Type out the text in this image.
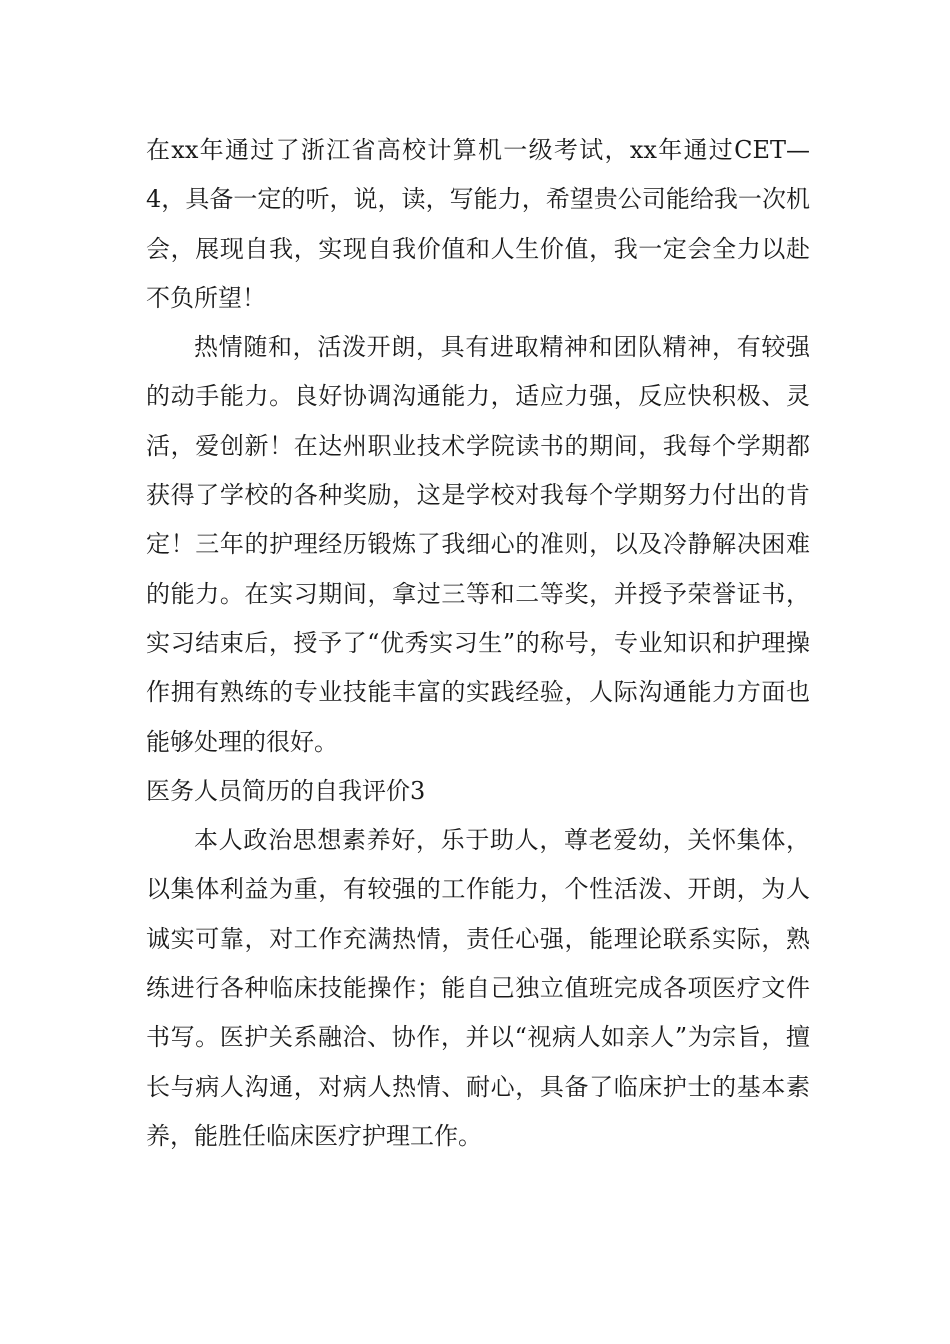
在xx年通过了浙江省高校计算机一级考试，xx年通过CET—4，具备一定的听，说，读，写能力，希望贵公司能给我一次机会，展现自我，实现自我价值和人生价值，我一定会全力以赴不负所望！

热情随和，活泼开朗，具有进取精神和团队精神，有较强的动手能力。良好协调沟通能力，适应力强，反应快积极、灵活，爱创新！在达州职业技术学院读书的期间，我每个学期都获得了学校的各种奖励，这是学校对我每个学期努力付出的肯定！三年的护理经历锻炼了我细心的准则，以及冷静解决困难的能力。在实习期间，拿过三等和二等奖，并授予荣誉证书，实习结束后，授予了“优秀实习生”的称号，专业知识和护理操作拥有熟练的专业技能丰富的实践经验，人际沟通能力方面也能够处理的很好。

医务人员简历的自我评价3

本人政治思想素养好，乐于助人，尊老爱幼，关怀集体，以集体利益为重，有较强的工作能力，个性活泼、开朗，为人诚实可靠，对工作充满热情，责任心强，能理论联系实际，熟练进行各种临床技能操作；能自己独立值班完成各项医疗文件书写。医护关系融洽、协作，并以“视病人如亲人”为宗旨，擅长与病人沟通，对病人热情、耐心，具备了临床护士的基本素养，能胜任临床医疗护理工作。
